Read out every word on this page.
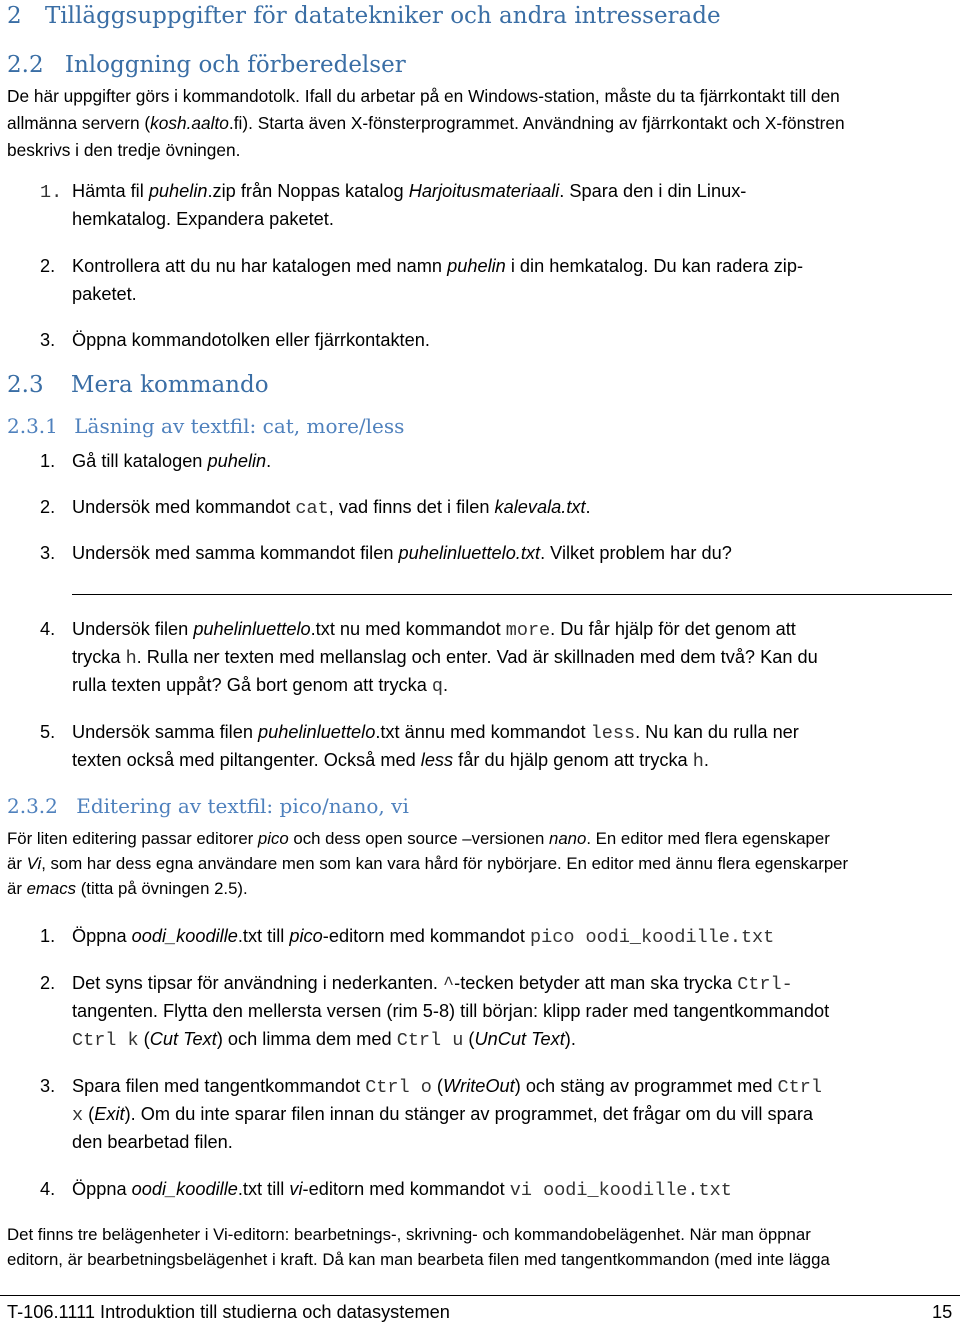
2 Tilläggsuppgifter för datatekniker och andra intresserade
2.2 Inloggning och förberedelser
De här uppgifter görs i kommandotolk. Ifall du arbetar på en Windows-station, måste du ta fjärrkontakt till den
allmänna servern (kosh.aalto.fi). Starta även X-fönsterprogrammet. Användning av fjärrkontakt och X-fönstren
beskrivs i den tredje övningen.
1. Hämta fil puhelin.zip från Noppas katalog Harjoitusmateriaali. Spara den i din Linux-
hemkatalog. Expandera paketet.
2. Kontrollera att du nu har katalogen med namn puhelin i din hemkatalog. Du kan radera zip-
paketet.
3. Öppna kommandotolken eller fjärrkontakten.
2.3 Mera kommando
2.3.1 Läsning av textfil: cat, more/less
1. Gå till katalogen puhelin.
2. Undersök med kommandot cat, vad finns det i filen kalevala.txt.
3. Undersök med samma kommandot filen puhelinluettelo.txt. Vilket problem har du?
4. Undersök filen puhelinluettelo.txt nu med kommandot more. Du får hjälp för det genom att
trycka h. Rulla ner texten med mellanslag och enter. Vad är skillnaden med dem två? Kan du
rulla texten uppåt? Gå bort genom att trycka q.
5. Undersök samma filen puhelinluettelo.txt ännu med kommandot less. Nu kan du rulla ner
texten också med piltangenter. Också med less får du hjälp genom att trycka h.
2.3.2 Editering av textfil: pico/nano, vi
För liten editering passar editorer pico och dess open source –versionen nano. En editor med flera egenskaper
är Vi, som har dess egna användare men som kan vara hård för nybörjare. En editor med ännu flera egenskarper
är emacs (titta på övningen 2.5).
1. Öppna oodi_koodille.txt till pico-editorn med kommandot pico oodi_koodille.txt
2. Det syns tipsar för användning i nederkanten. ^-tecken betyder att man ska trycka Ctrl-
tangenten. Flytta den mellersta versen (rim 5-8) till början: klipp rader med tangentkommandot
Ctrl k (Cut Text) och limma dem med Ctrl u (UnCut Text).
3. Spara filen med tangentkommandot Ctrl o (WriteOut) och stäng av programmet med Ctrl
x (Exit). Om du inte sparar filen innan du stänger av programmet, det frågar om du vill spara
den bearbetad filen.
4. Öppna oodi_koodille.txt till vi-editorn med kommandot vi oodi_koodille.txt
Det finns tre belägenheter i Vi-editorn: bearbetnings-, skrivning- och kommandobelägenhet. När man öppnar
editorn, är bearbetningsbelägenhet i kraft. Då kan man bearbeta filen med tangentkommandon (med inte lägga
T-106.1111 Introduktion till studierna och datasystemen	15
